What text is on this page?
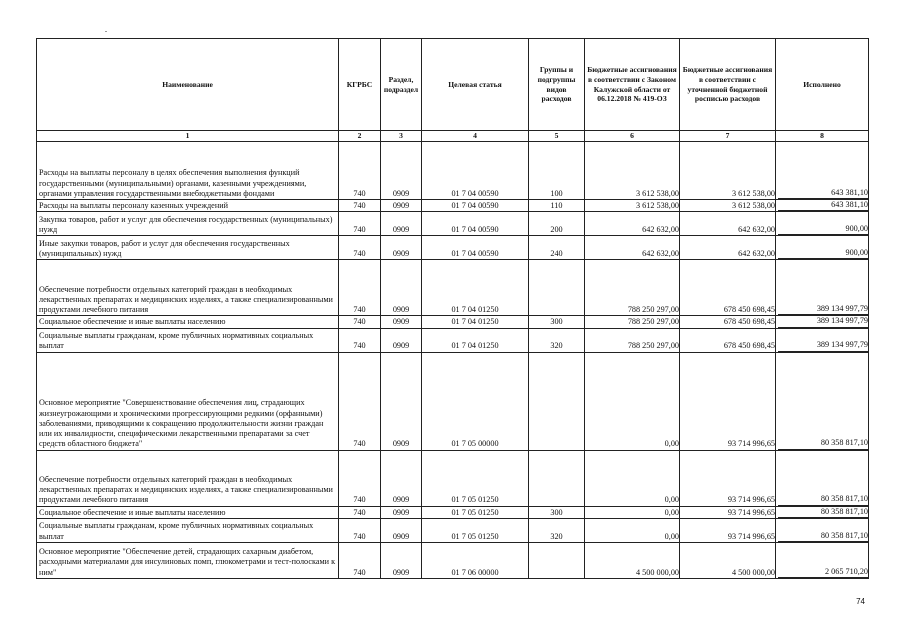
Наименование	КГРБС	Раздел, подраздел	Целевая статья	Группы и подгруппы видов расходов	Бюджетные ассигнования в соответствии с Законом Калужской области от 06.12.2018 № 419-ОЗ	Бюджетные ассигнования в соответствии с уточненной бюджетной росписью расходов	Исполнено
1	2	3	4	5	6	7	8
Расходы на выплаты персоналу в целях обеспечения выполнения функций государственными (муниципальными) органами, казенными учреждениями, органами управления государственными внебюджетными фондами	740	0909	01 7 04 00590	100	3 612 538,00	3 612 538,00	643 381,10

Расходы на выплаты персоналу казенных учреждений	740	0909	01 7 04 00590	110	3 612 538,00	3 612 538,00	643 381,10

Закупка товаров, работ и услуг для обеспечения государственных (муниципальных) нужд	740	0909	01 7 04 00590	200	642 632,00	642 632,00	900,00

Иные закупки товаров, работ и услуг для обеспечения государственных (муниципальных) нужд	740	0909	01 7 04 00590	240	642 632,00	642 632,00	900,00

Обеспечение потребности отдельных категорий граждан в необходимых лекарственных препаратах и медицинских изделиях, а также специализированными продуктами лечебного питания	740	0909	01 7 04 01250		788 250 297,00	678 450 698,45	389 134 997,79

Социальное обеспечение и иные выплаты населению	740	0909	01 7 04 01250	300	788 250 297,00	678 450 698,45	389 134 997,79

Социальные выплаты гражданам, кроме публичных нормативных социальных выплат	740	0909	01 7 04 01250	320	788 250 297,00	678 450 698,45	389 134 997,79

Основное мероприятие "Совершенствование обеспечения лиц, страдающих жизнеугрожающими и хроническими прогрессирующими редкими (орфанными) заболеваниями, приводящими к сокращению продолжительности жизни граждан или их инвалидности, специфическими лекарственными препаратами за счет средств областного бюджета"	740	0909	01 7 05 00000		0,00	93 714 996,65	80 358 817,10

Обеспечение потребности отдельных категорий граждан в необходимых лекарственных препаратах и медицинских изделиях, а также специализированными продуктами лечебного питания	740	0909	01 7 05 01250		0,00	93 714 996,65	80 358 817,10

Социальное обеспечение и иные выплаты населению	740	0909	01 7 05 01250	300	0,00	93 714 996,65	80 358 817,10

Социальные выплаты гражданам, кроме публичных нормативных социальных выплат	740	0909	01 7 05 01250	320	0,00	93 714 996,65	80 358 817,10

Основное мероприятие "Обеспечение детей, страдающих сахарным диабетом, расходными материалами для инсулиновых помп, глюкометрами и тест-полосками к ним"	740	0909	01 7 06 00000		4 500 000,00	4 500 000,00	2 065 710,20
74
